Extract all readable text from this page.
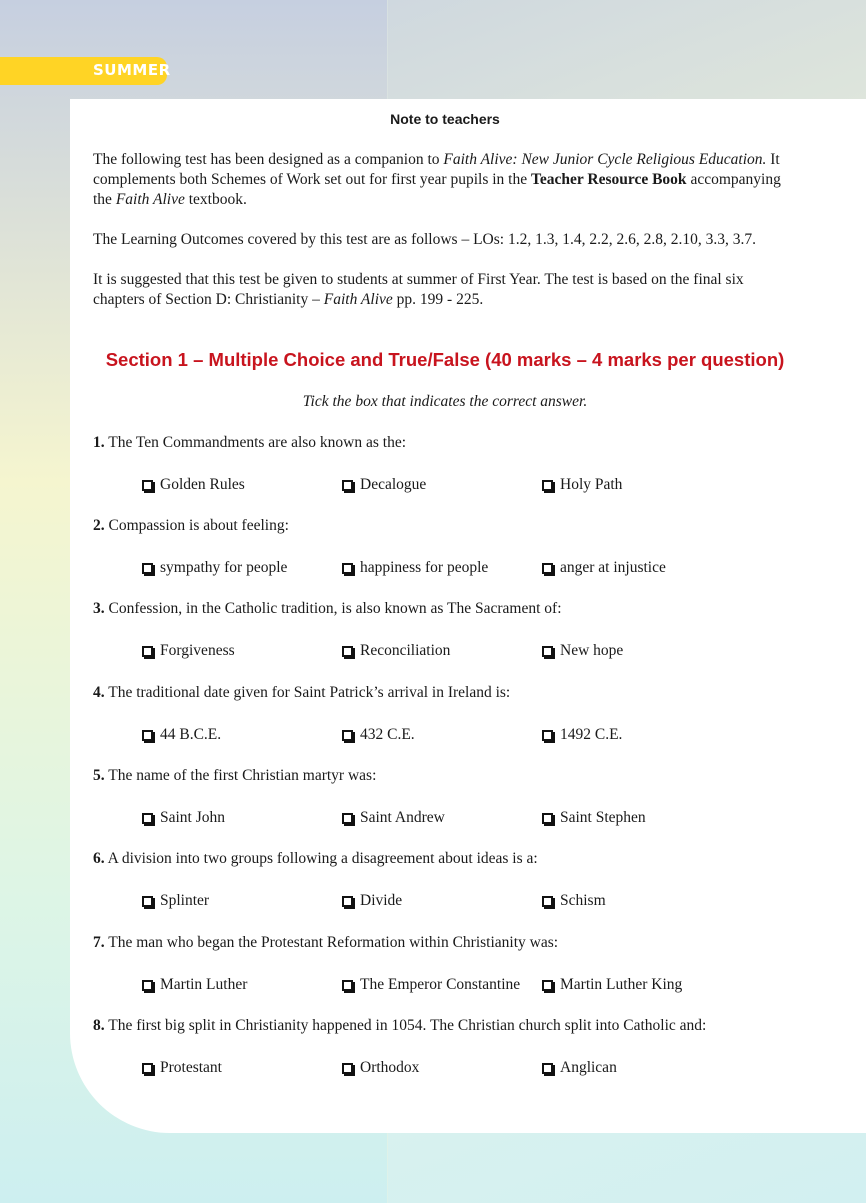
SUMMER
Note to teachers

The following test has been designed as a companion to Faith Alive: New Junior Cycle Religious Education. It complements both Schemes of Work set out for first year pupils in the Teacher Resource Book accompanying the Faith Alive textbook.

The Learning Outcomes covered by this test are as follows – LOs: 1.2, 1.3, 1.4, 2.2, 2.6, 2.8, 2.10, 3.3, 3.7.

It is suggested that this test be given to students at summer of First Year. The test is based on the final six chapters of Section D: Christianity – Faith Alive pp. 199 - 225.

Section 1 – Multiple Choice and True/False (40 marks – 4 marks per question)
Tick the box that indicates the correct answer.
1. The Ten Commandments are also known as the:
Golden Rules	Decalogue	Holy Path
2. Compassion is about feeling:
sympathy for people	happiness for people	anger at injustice
3. Confession, in the Catholic tradition, is also known as The Sacrament of:
Forgiveness	Reconciliation	New hope
4. The traditional date given for Saint Patrick’s arrival in Ireland is:
44 B.C.E.	432 C.E.	1492 C.E.
5. The name of the first Christian martyr was:
Saint John	Saint Andrew	Saint Stephen
6. A division into two groups following a disagreement about ideas is a:
Splinter	Divide	Schism
7. The man who began the Protestant Reformation within Christianity was:
Martin Luther	The Emperor Constantine	Martin Luther King
8. The first big split in Christianity happened in 1054. The Christian church split into Catholic and:
Protestant	Orthodox	Anglican
